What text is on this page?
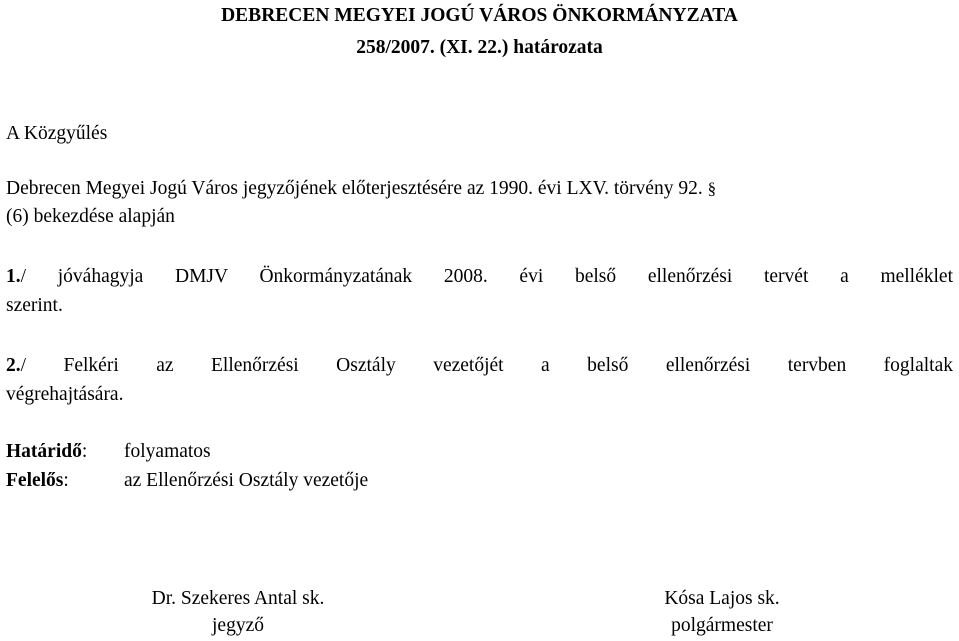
DEBRECEN MEGYEI JOGÚ VÁROS ÖNKORMÁNYZATA
258/2007. (XI. 22.) határozata
A Közgyűlés
Debrecen Megyei Jogú Város jegyzőjének előterjesztésére az 1990. évi LXV. törvény 92. §
(6) bekezdése alapján
1./ jóváhagyja DMJV Önkormányzatának 2008. évi belső ellenőrzési tervét a melléklet
szerint.
2./ Felkéri az Ellenőrzési Osztály vezetőjét a belső ellenőrzési tervben foglaltak
végrehajtására.
Határidő: folyamatos
Felelős:	az Ellenőrzési Osztály vezetője
Dr. Szekeres Antal sk.
jegyző
Kósa Lajos sk.
polgármester
